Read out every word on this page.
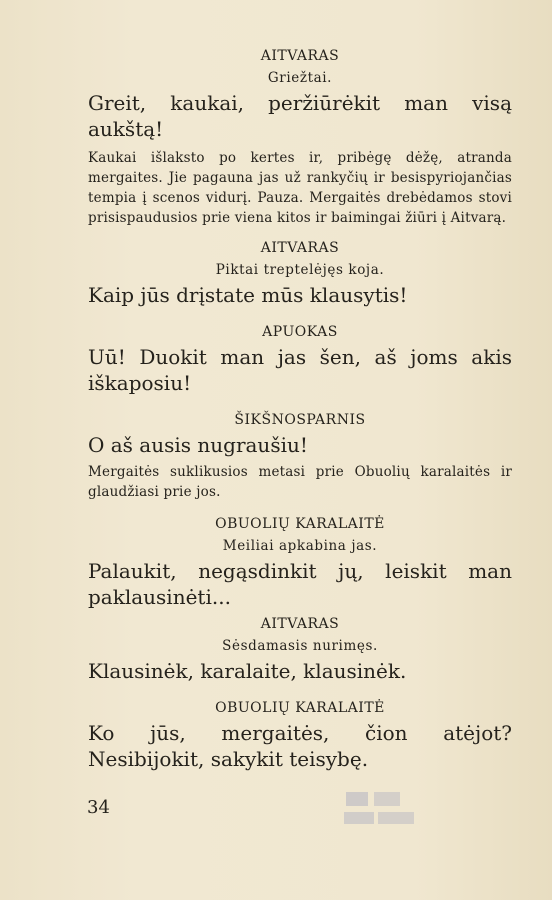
AITVARAS

Griežtai.

Greit, kaukai, peržiūrėkit man visą aukštą!

Kaukai išlaksto po kertes ir, pribėgę dėžę, atranda mergaites. Jie pagauna jas už rankyčių ir besispyriojančias tempia į scenos vidurį. Pauza. Mergaitės drebėdamos stovi prisispaudusios prie viena kitos ir baimingai žiūri į Aitvarą.

AITVARAS

Piktai treptelėjęs koja.

Kaip jūs drįstate mūs klausytis!

APUOKAS

Uū! Duokit man jas šen, aš joms akis iškaposiu!

ŠIKŠNOSPARNIS

O aš ausis nugraušiu!

Mergaitės suklikusios metasi prie Obuolių karalaitės ir glaudžiasi prie jos.

OBUOLIŲ KARALAITĖ

Meiliai apkabina jas.

Palaukit, negąsdinkit jų, leiskit man paklausinėti...

AITVARAS

Sėsdamasis nurimęs.

Klausinėk, karalaite, klausinėk.

OBUOLIŲ KARALAITĖ

Ko jūs, mergaitės, čion atėjot? Nesibijokit, sakykit teisybę.

34
